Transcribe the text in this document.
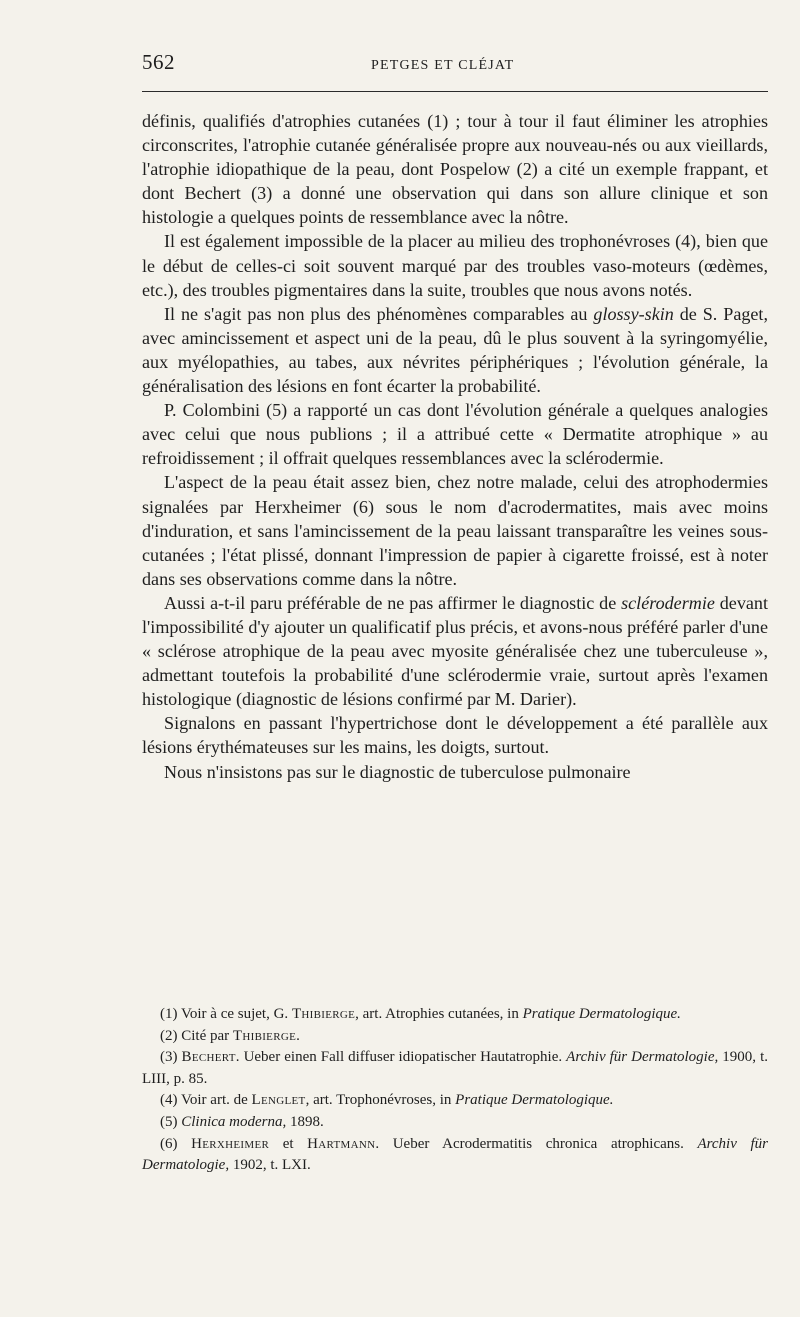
562	PETGES ET CLÉJAT

définis, qualifiés d'atrophies cutanées (1) ; tour à tour il faut éliminer les atrophies circonscrites, l'atrophie cutanée généralisée propre aux nouveau-nés ou aux vieillards, l'atrophie idiopathique de la peau, dont Pospelow (2) a cité un exemple frappant, et dont Bechert (3) a donné une observation qui dans son allure clinique et son histologie a quelques points de ressemblance avec la nôtre.

Il est également impossible de la placer au milieu des trophonévroses (4), bien que le début de celles-ci soit souvent marqué par des troubles vaso-moteurs (œdèmes, etc.), des troubles pigmentaires dans la suite, troubles que nous avons notés.

Il ne s'agit pas non plus des phénomènes comparables au glossy-skin de S. Paget, avec amincissement et aspect uni de la peau, dû le plus souvent à la syringomyélie, aux myélopathies, au tabes, aux névrites périphériques ; l'évolution générale, la généralisation des lésions en font écarter la probabilité.

P. Colombini (5) a rapporté un cas dont l'évolution générale a quelques analogies avec celui que nous publions ; il a attribué cette « Dermatite atrophique » au refroidissement ; il offrait quelques ressemblances avec la sclérodermie.

L'aspect de la peau était assez bien, chez notre malade, celui des atrophodermies signalées par Herxheimer (6) sous le nom d'acrodermatites, mais avec moins d'induration, et sans l'amincissement de la peau laissant transparaître les veines sous-cutanées ; l'état plissé, donnant l'impression de papier à cigarette froissé, est à noter dans ses observations comme dans la nôtre.

Aussi a-t-il paru préférable de ne pas affirmer le diagnostic de sclérodermie devant l'impossibilité d'y ajouter un qualificatif plus précis, et avons-nous préféré parler d'une « sclérose atrophique de la peau avec myosite généralisée chez une tuberculeuse », admettant toutefois la probabilité d'une sclérodermie vraie, surtout après l'examen histologique (diagnostic de lésions confirmé par M. Darier).

Signalons en passant l'hypertrichose dont le développement a été parallèle aux lésions érythémateuses sur les mains, les doigts, surtout.

Nous n'insistons pas sur le diagnostic de tuberculose pulmonaire

(1) Voir à ce sujet, G. Thibierge, art. Atrophies cutanées, in Pratique Dermatologique.

(2) Cité par Thibierge.

(3) Bechert. Ueber einen Fall diffuser idiopatischer Hautatrophie. Archiv für Dermatologie, 1900, t. LIII, p. 85.

(4) Voir art. de Lenglet, art. Trophonévroses, in Pratique Dermatologique.

(5) Clinica moderna, 1898.

(6) Herxheimer et Hartmann. Ueber Acrodermatitis chronica atrophicans. Archiv für Dermatologie, 1902, t. LXI.
